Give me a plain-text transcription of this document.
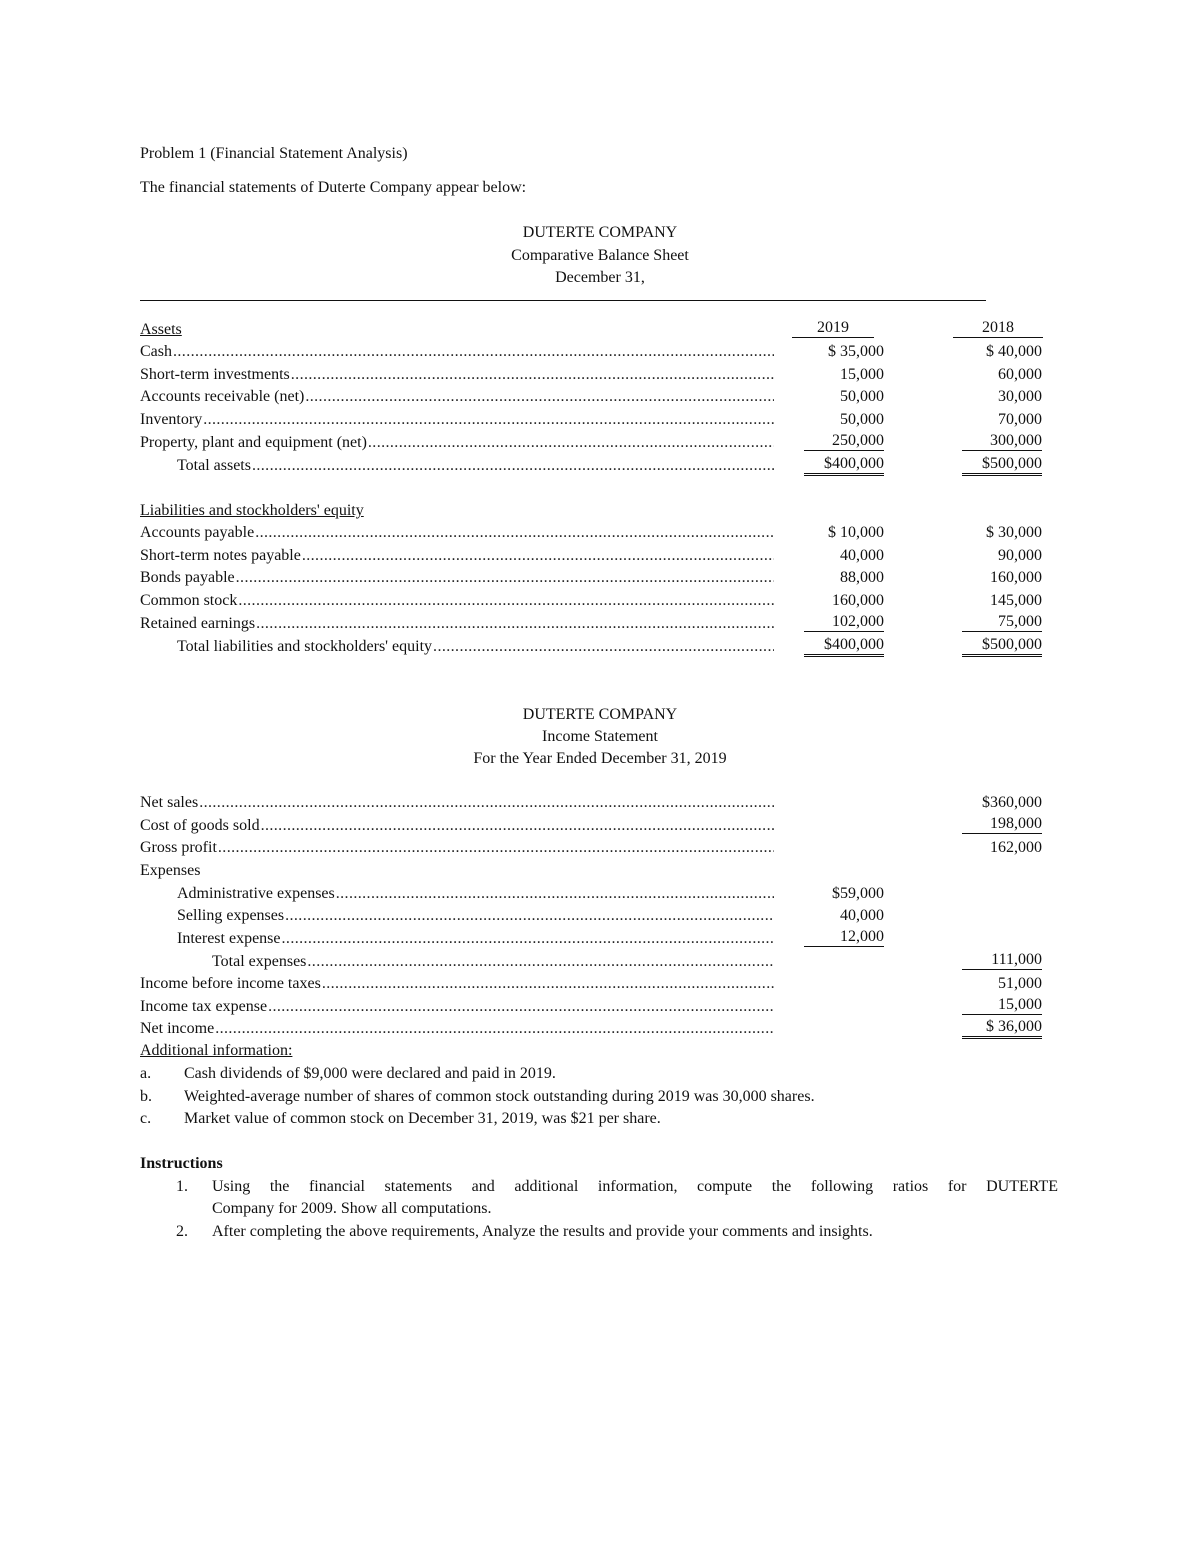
Problem 1 (Financial Statement Analysis)
The financial statements of Duterte Company appear below:
DUTERTE COMPANY
Comparative Balance Sheet
December 31,
Assets	2019	2018
Cash .....	$ 35,000	$ 40,000
Short-term investments .....	15,000	60,000
Accounts receivable (net) .....	50,000	30,000
Inventory .....	50,000	70,000
Property, plant and equipment (net) .....	250,000	300,000
Total assets .....	$400,000	$500,000
Liabilities and stockholders' equity
Accounts payable .....	$ 10,000	$ 30,000
Short-term notes payable .....	40,000	90,000
Bonds payable .....	88,000	160,000
Common stock .....	160,000	145,000
Retained earnings .....	102,000	75,000
Total liabilities and stockholders' equity .....	$400,000	$500,000
DUTERTE COMPANY
Income Statement
For the Year Ended December 31, 2019
Net sales .....	$360,000
Cost of goods sold .....	198,000
Gross profit .....	162,000
Expenses
Administrative expenses .....	$59,000
Selling expenses .....	40,000
Interest expense .....	12,000
Total expenses .....	111,000
Income before income taxes .....	51,000
Income tax expense .....	15,000
Net income .....	$ 36,000
Additional information:
a. Cash dividends of $9,000 were declared and paid in 2019.
b. Weighted-average number of shares of common stock outstanding during 2019 was 30,000 shares.
c. Market value of common stock on December 31, 2019, was $21 per share.
Instructions
1. Using the financial statements and additional information, compute the following ratios for DUTERTE
Company for 2009. Show all computations.
2. After completing the above requirements, Analyze the results and provide your comments and insights.
